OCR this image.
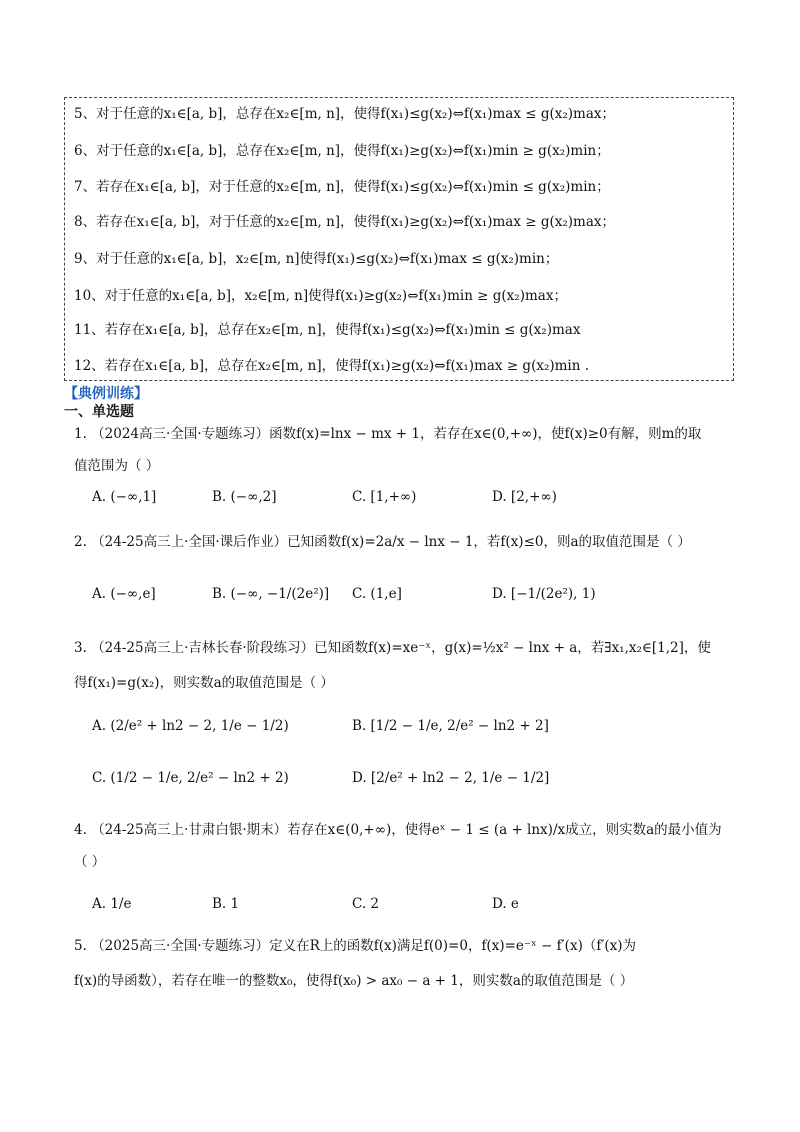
5、对于任意的x₁∈[a, b]，总存在x₂∈[m, n]，使得f(x₁)≤g(x₂)⇔f(x₁)max ≤ g(x₂)max；
6、对于任意的x₁∈[a, b]，总存在x₂∈[m, n]，使得f(x₁)≥g(x₂)⇔f(x₁)min ≥ g(x₂)min；
7、若存在x₁∈[a, b]，对于任意的x₂∈[m, n]，使得f(x₁)≤g(x₂)⇔f(x₁)min ≤ g(x₂)min；
8、若存在x₁∈[a, b]，对于任意的x₂∈[m, n]，使得f(x₁)≥g(x₂)⇔f(x₁)max ≥ g(x₂)max；
9、对于任意的x₁∈[a, b]，x₂∈[m, n]使得f(x₁)≤g(x₂)⇔f(x₁)max ≤ g(x₂)min；
10、对于任意的x₁∈[a, b]，x₂∈[m, n]使得f(x₁)≥g(x₂)⇔f(x₁)min ≥ g(x₂)max；
11、若存在x₁∈[a, b]，总存在x₂∈[m, n]，使得f(x₁)≤g(x₂)⇔f(x₁)min ≤ g(x₂)max
12、若存在x₁∈[a, b]，总存在x₂∈[m, n]，使得f(x₁)≥g(x₂)⇔f(x₁)max ≥ g(x₂)min .
【典例训练】
一、单选题
1. （2024高三·全国·专题练习）函数f(x)=lnx − mx + 1，若存在x∈(0,+∞)，使f(x)≥0有解，则m的取
值范围为（ ）
A. (−∞,1]	B. (−∞,2]	C. [1,+∞)	D. [2,+∞)
2. （24-25高三上·全国·课后作业）已知函数f(x)=2a/x − lnx − 1，若f(x)≤0，则a的取值范围是（ ）
A. (−∞,e]	B. (−∞, −1/(2e²)] C. (1,e]	D. [−1/(2e²), 1)
3. （24-25高三上·吉林长春·阶段练习）已知函数f(x)=xe⁻ˣ，g(x)=½x² − lnx + a，若∃x₁,x₂∈[1,2]，使
得f(x₁)=g(x₂)，则实数a的取值范围是（ ）
A. (2/e² + ln2 − 2, 1/e − 1/2)	B. [1/2 − 1/e, 2/e² − ln2 + 2]
C. (1/2 − 1/e, 2/e² − ln2 + 2)	D. [2/e² + ln2 − 2, 1/e − 1/2]
4. （24-25高三上·甘肃白银·期末）若存在x∈(0,+∞)，使得eˣ − 1 ≤ (a + lnx)/x成立，则实数a的最小值为
（ ）
A. 1/e	B. 1	C. 2	D. e
5. （2025高三·全国·专题练习）定义在R上的函数f(x)满足f(0)=0，f(x)=e⁻ˣ − f′(x)（f′(x)为
f(x)的导函数），若存在唯一的整数x₀，使得f(x₀) > ax₀ − a + 1，则实数a的取值范围是（ ）
